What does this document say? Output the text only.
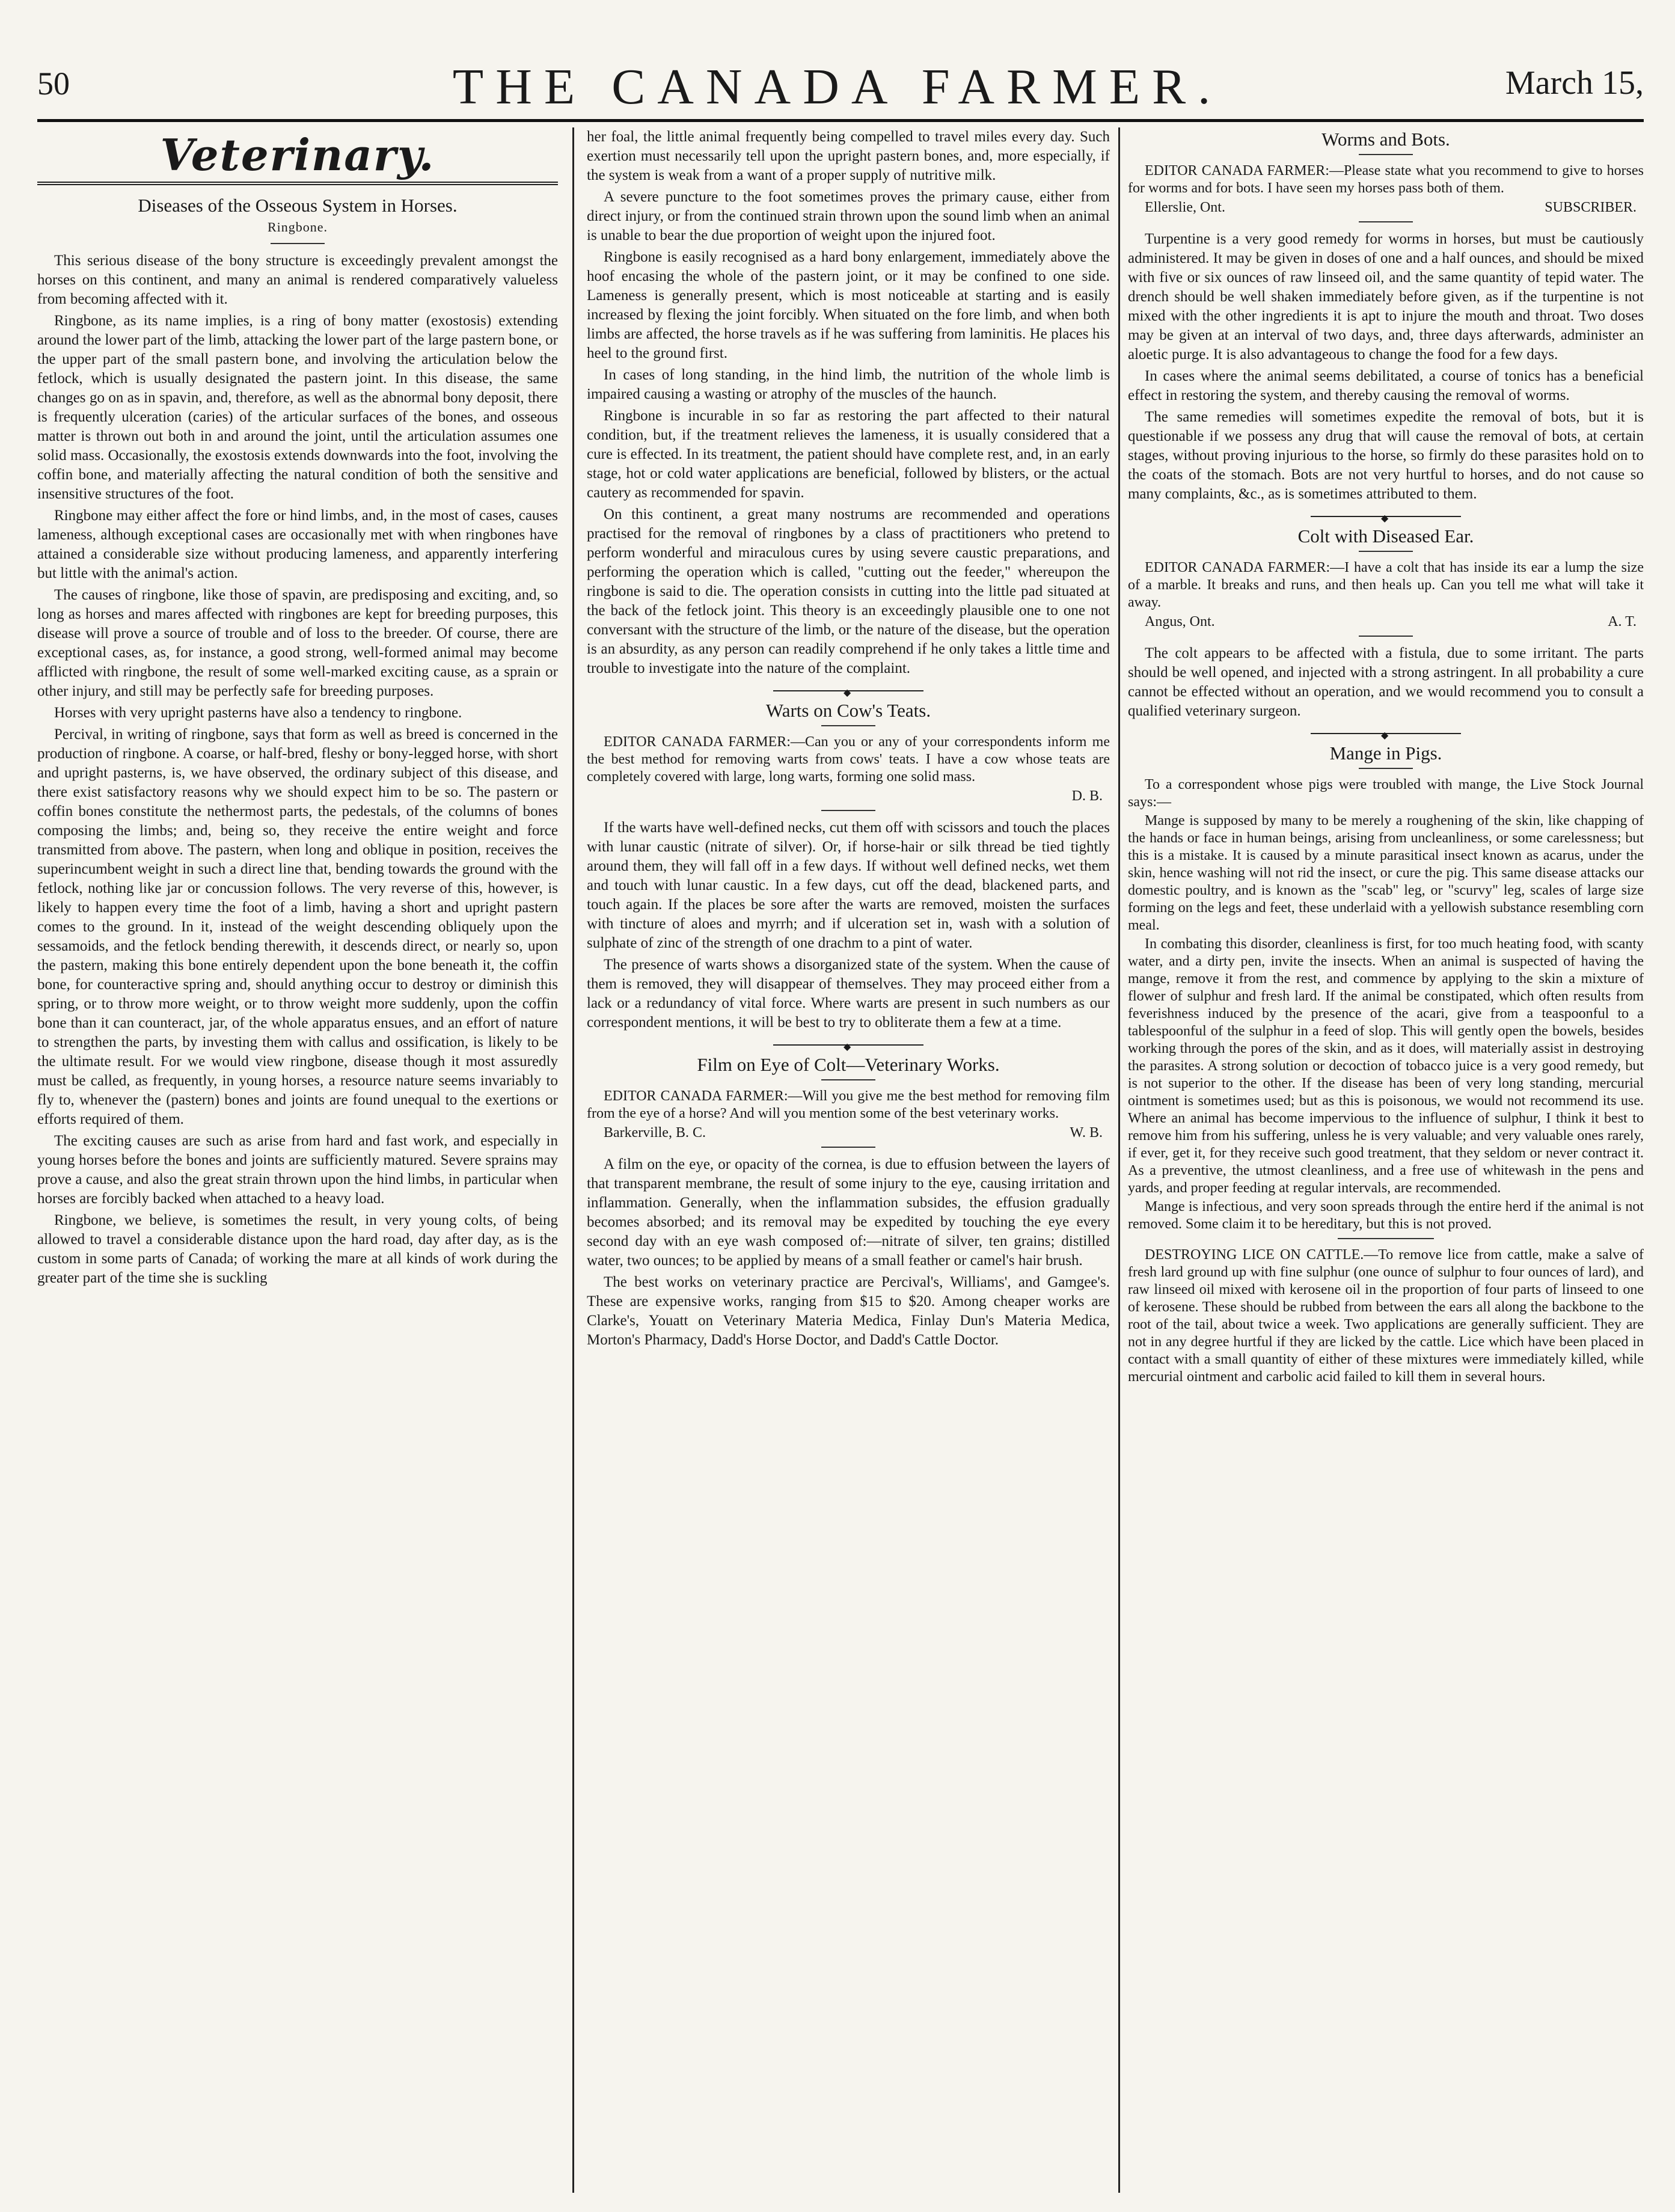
50	THE CANADA FARMER.	March 15,
Veterinary.
Diseases of the Osseous System in Horses.
Ringbone.

This serious disease of the bony structure is exceedingly prevalent amongst the horses on this continent, and many an animal is rendered comparatively valueless from becoming affected with it.

Ringbone, as its name implies, is a ring of bony matter (exostosis) extending around the lower part of the limb, attacking the lower part of the large pastern bone, or the upper part of the small pastern bone, and involving the articulation below the fetlock, which is usually designated the pastern joint. In this disease, the same changes go on as in spavin, and, therefore, as well as the abnormal bony deposit, there is frequently ulceration (caries) of the articular surfaces of the bones, and osseous matter is thrown out both in and around the joint, until the articulation assumes one solid mass. Occasionally, the exostosis extends downwards into the foot, involving the coffin bone, and materially affecting the natural condition of both the sensitive and insensitive structures of the foot.

Ringbone may either affect the fore or hind limbs, and, in the most of cases, causes lameness, although exceptional cases are occasionally met with when ringbones have attained a considerable size without producing lameness, and apparently interfering but little with the animal's action.

The causes of ringbone, like those of spavin, are predisposing and exciting, and, so long as horses and mares affected with ringbones are kept for breeding purposes, this disease will prove a source of trouble and of loss to the breeder. Of course, there are exceptional cases, as, for instance, a good strong, well-formed animal may become afflicted with ringbone, the result of some well-marked exciting cause, as a sprain or other injury, and still may be perfectly safe for breeding purposes.

Horses with very upright pasterns have also a tendency to ringbone.

Percival, in writing of ringbone, says that form as well as breed is concerned in the production of ringbone. A coarse, or half-bred, fleshy or bony-legged horse, with short and upright pasterns, is, we have observed, the ordinary subject of this disease, and there exist satisfactory reasons why we should expect him to be so. The pastern or coffin bones constitute the nethermost parts, the pedestals, of the columns of bones composing the limbs; and, being so, they receive the entire weight and force transmitted from above. The pastern, when long and oblique in position, receives the superincumbent weight in such a direct line that, bending towards the ground with the fetlock, nothing like jar or concussion follows. The very reverse of this, however, is likely to happen every time the foot of a limb, having a short and upright pastern comes to the ground. In it, instead of the weight descending obliquely upon the sessamoids, and the fetlock bending therewith, it descends direct, or nearly so, upon the pastern, making this bone entirely dependent upon the bone beneath it, the coffin bone, for counteractive spring and, should anything occur to destroy or diminish this spring, or to throw more weight, or to throw weight more suddenly, upon the coffin bone than it can counteract, jar, of the whole apparatus ensues, and an effort of nature to strengthen the parts, by investing them with callus and ossification, is likely to be the ultimate result. For we would view ringbone, disease though it most assuredly must be called, as frequently, in young horses, a resource nature seems invariably to fly to, whenever the (pastern) bones and joints are found unequal to the exertions or efforts required of them.

The exciting causes are such as arise from hard and fast work, and especially in young horses before the bones and joints are sufficiently matured. Severe sprains may prove a cause, and also the great strain thrown upon the hind limbs, in particular when horses are forcibly backed when attached to a heavy load.

Ringbone, we believe, is sometimes the result, in very young colts, of being allowed to travel a considerable distance upon the hard road, day after day, as is the custom in some parts of Canada; of working the mare at all kinds of work during the greater part of the time she is suckling

her foal, the little animal frequently being compelled to travel miles every day. Such exertion must necessarily tell upon the upright pastern bones, and, more especially, if the system is weak from a want of a proper supply of nutritive milk.

A severe puncture to the foot sometimes proves the primary cause, either from direct injury, or from the continued strain thrown upon the sound limb when an animal is unable to bear the due proportion of weight upon the injured foot.

Ringbone is easily recognised as a hard bony enlargement, immediately above the hoof encasing the whole of the pastern joint, or it may be confined to one side. Lameness is generally present, which is most noticeable at starting and is easily increased by flexing the joint forcibly. When situated on the fore limb, and when both limbs are affected, the horse travels as if he was suffering from laminitis. He places his heel to the ground first.

In cases of long standing, in the hind limb, the nutrition of the whole limb is impaired causing a wasting or atrophy of the muscles of the haunch.

Ringbone is incurable in so far as restoring the part affected to their natural condition, but, if the treatment relieves the lameness, it is usually considered that a cure is effected. In its treatment, the patient should have complete rest, and, in an early stage, hot or cold water applications are beneficial, followed by blisters, or the actual cautery as recommended for spavin.

On this continent, a great many nostrums are recommended and operations practised for the removal of ringbones by a class of practitioners who pretend to perform wonderful and miraculous cures by using severe caustic preparations, and performing the operation which is called, "cutting out the feeder," whereupon the ringbone is said to die. The operation consists in cutting into the little pad situated at the back of the fetlock joint. This theory is an exceedingly plausible one to one not conversant with the structure of the limb, or the nature of the disease, but the operation is an absurdity, as any person can readily comprehend if he only takes a little time and trouble to investigate into the nature of the complaint.

◆
Warts on Cow's Teats.

EDITOR CANADA FARMER:—Can you or any of your correspondents inform me the best method for removing warts from cows' teats. I have a cow whose teats are completely covered with large, long warts, forming one solid mass.

D. B.

If the warts have well-defined necks, cut them off with scissors and touch the places with lunar caustic (nitrate of silver). Or, if horse-hair or silk thread be tied tightly around them, they will fall off in a few days. If without well defined necks, wet them and touch with lunar caustic. In a few days, cut off the dead, blackened parts, and touch again. If the places be sore after the warts are removed, moisten the surfaces with tincture of aloes and myrrh; and if ulceration set in, wash with a solution of sulphate of zinc of the strength of one drachm to a pint of water.

The presence of warts shows a disorganized state of the system. When the cause of them is removed, they will disappear of themselves. They may proceed either from a lack or a redundancy of vital force. Where warts are present in such numbers as our correspondent mentions, it will be best to try to obliterate them a few at a time.

◆
Film on Eye of Colt—Veterinary Works.

EDITOR CANADA FARMER:—Will you give me the best method for removing film from the eye of a horse? And will you mention some of the best veterinary works.

Barkerville, B. C.	W. B.

A film on the eye, or opacity of the cornea, is due to effusion between the layers of that transparent membrane, the result of some injury to the eye, causing irritation and inflammation. Generally, when the inflammation subsides, the effusion gradually becomes absorbed; and its removal may be expedited by touching the eye every second day with an eye wash composed of:—nitrate of silver, ten grains; distilled water, two ounces; to be applied by means of a small feather or camel's hair brush.

The best works on veterinary practice are Percival's, Williams', and Gamgee's. These are expensive works, ranging from $15 to $20. Among cheaper works are Clarke's, Youatt on Veterinary Materia Medica, Finlay Dun's Materia Medica, Morton's Pharmacy, Dadd's Horse Doctor, and Dadd's Cattle Doctor.

Worms and Bots.

EDITOR CANADA FARMER:—Please state what you recommend to give to horses for worms and for bots. I have seen my horses pass both of them.

Ellerslie, Ont.	SUBSCRIBER.

Turpentine is a very good remedy for worms in horses, but must be cautiously administered. It may be given in doses of one and a half ounces, and should be mixed with five or six ounces of raw linseed oil, and the same quantity of tepid water. The drench should be well shaken immediately before given, as if the turpentine is not mixed with the other ingredients it is apt to injure the mouth and throat. Two doses may be given at an interval of two days, and, three days afterwards, administer an aloetic purge. It is also advantageous to change the food for a few days.

In cases where the animal seems debilitated, a course of tonics has a beneficial effect in restoring the system, and thereby causing the removal of worms.

The same remedies will sometimes expedite the removal of bots, but it is questionable if we possess any drug that will cause the removal of bots, at certain stages, without proving injurious to the horse, so firmly do these parasites hold on to the coats of the stomach. Bots are not very hurtful to horses, and do not cause so many complaints, &c., as is sometimes attributed to them.

◆
Colt with Diseased Ear.

EDITOR CANADA FARMER:—I have a colt that has inside its ear a lump the size of a marble. It breaks and runs, and then heals up. Can you tell me what will take it away.

Angus, Ont.	A. T.

The colt appears to be affected with a fistula, due to some irritant. The parts should be well opened, and injected with a strong astringent. In all probability a cure cannot be effected without an operation, and we would recommend you to consult a qualified veterinary surgeon.

◆
Mange in Pigs.

To a correspondent whose pigs were troubled with mange, the Live Stock Journal says:—

Mange is supposed by many to be merely a roughening of the skin, like chapping of the hands or face in human beings, arising from uncleanliness, or some carelessness; but this is a mistake. It is caused by a minute parasitical insect known as acarus, under the skin, hence washing will not rid the insect, or cure the pig. This same disease attacks our domestic poultry, and is known as the "scab" leg, or "scurvy" leg, scales of large size forming on the legs and feet, these underlaid with a yellowish substance resembling corn meal.

In combating this disorder, cleanliness is first, for too much heating food, with scanty water, and a dirty pen, invite the insects. When an animal is suspected of having the mange, remove it from the rest, and commence by applying to the skin a mixture of flower of sulphur and fresh lard. If the animal be constipated, which often results from feverishness induced by the presence of the acari, give from a teaspoonful to a tablespoonful of the sulphur in a feed of slop. This will gently open the bowels, besides working through the pores of the skin, and as it does, will materially assist in destroying the parasites. A strong solution or decoction of tobacco juice is a very good remedy, but is not superior to the other. If the disease has been of very long standing, mercurial ointment is sometimes used; but as this is poisonous, we would not recommend its use. Where an animal has become impervious to the influence of sulphur, I think it best to remove him from his suffering, unless he is very valuable; and very valuable ones rarely, if ever, get it, for they receive such good treatment, that they seldom or never contract it. As a preventive, the utmost cleanliness, and a free use of whitewash in the pens and yards, and proper feeding at regular intervals, are recommended.

Mange is infectious, and very soon spreads through the entire herd if the animal is not removed. Some claim it to be hereditary, but this is not proved.

DESTROYING LICE ON CATTLE.—To remove lice from cattle, make a salve of fresh lard ground up with fine sulphur (one ounce of sulphur to four ounces of lard), and raw linseed oil mixed with kerosene oil in the proportion of four parts of linseed to one of kerosene. These should be rubbed from between the ears all along the backbone to the root of the tail, about twice a week. Two applications are generally sufficient. They are not in any degree hurtful if they are licked by the cattle. Lice which have been placed in contact with a small quantity of either of these mixtures were immediately killed, while mercurial ointment and carbolic acid failed to kill them in several hours.
